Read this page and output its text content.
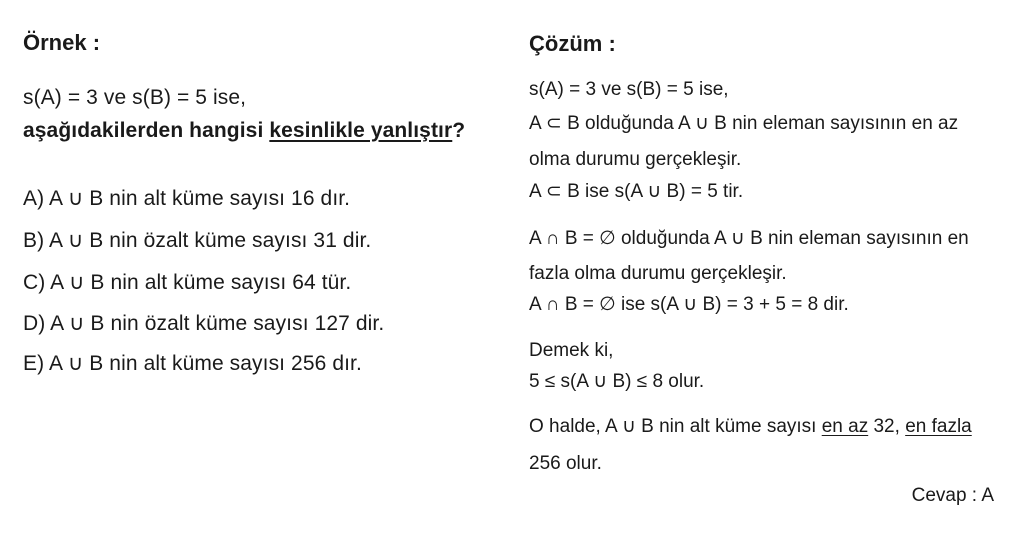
Örnek :
s(A) = 3 ve s(B) = 5 ise,
aşağıdakilerden hangisi kesinlikle yanlıştır?
A) A ∪ B nin alt küme sayısı 16 dır.
B) A ∪ B nin özalt küme sayısı 31 dir.
C) A ∪ B nin alt küme sayısı 64 tür.
D) A ∪ B nin özalt küme sayısı 127 dir.
E) A ∪ B nin alt küme sayısı 256 dır.
Çözüm :
s(A) = 3 ve s(B) = 5 ise,
A ⊂ B olduğunda A ∪ B nin eleman sayısının en az
olma durumu gerçekleşir.
A ⊂ B ise s(A ∪ B) = 5 tir.
A ∩ B = ∅ olduğunda A ∪ B nin eleman sayısının en
fazla olma durumu gerçekleşir.
A ∩ B = ∅ ise s(A ∪ B) = 3 + 5 = 8 dir.
Demek ki,
5 ≤ s(A ∪ B) ≤ 8 olur.
O halde, A ∪ B nin alt küme sayısı en az 32, en fazla
256 olur.
Cevap : A
